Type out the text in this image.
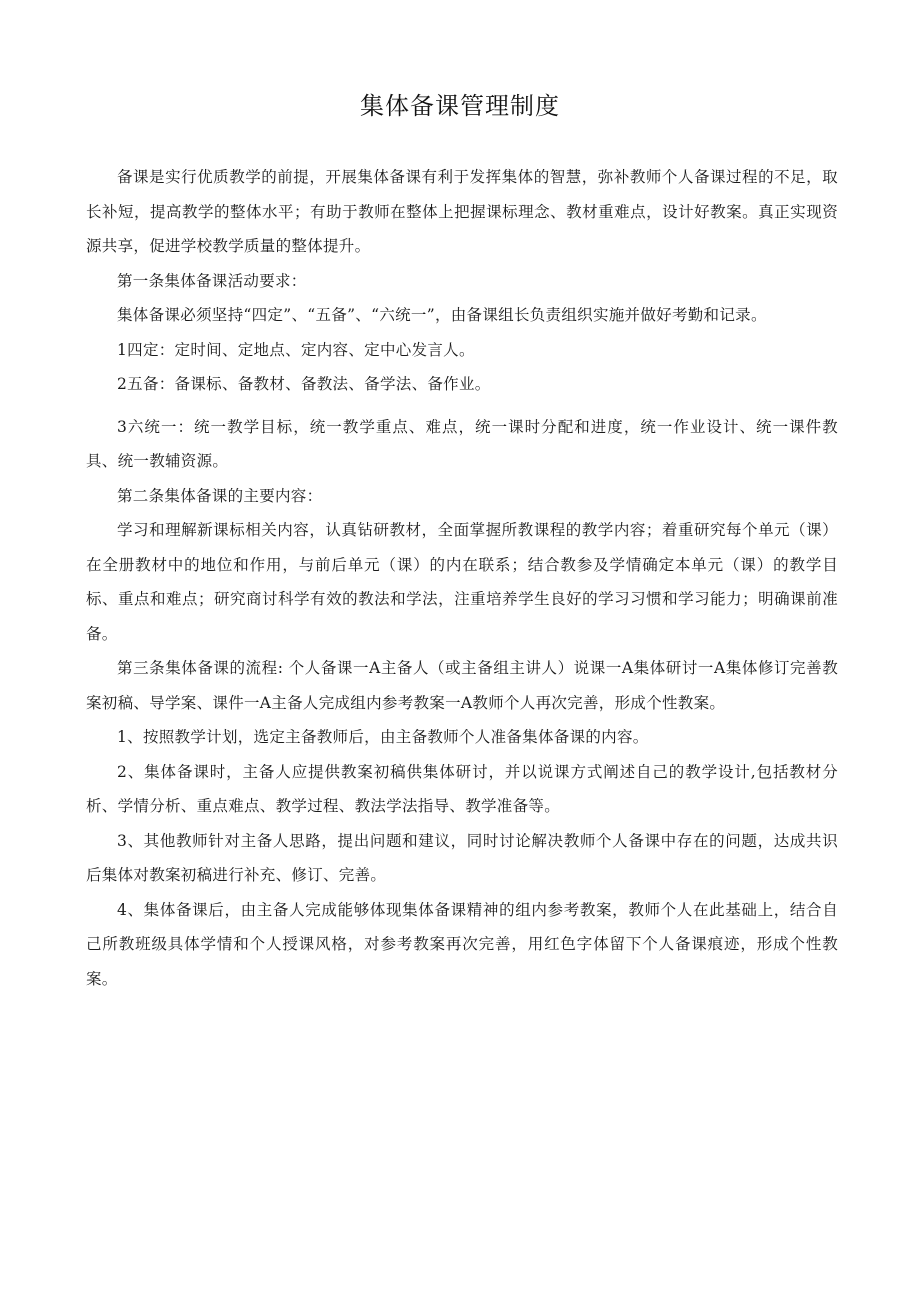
集体备课管理制度

备课是实行优质教学的前提，开展集体备课有利于发挥集体的智慧，弥补教师个人备课过程的不足，取长补短，提高教学的整体水平；有助于教师在整体上把握课标理念、教材重难点，设计好教案。真正实现资源共享，促进学校教学质量的整体提升。

第一条集体备课活动要求：

集体备课必须坚持“四定”、“五备”、“六统一”，由备课组长负责组织实施并做好考勤和记录。

1四定：定时间、定地点、定内容、定中心发言人。

2五备：备课标、备教材、备教法、备学法、备作业。

3六统一：统一教学目标，统一教学重点、难点，统一课时分配和进度，统一作业设计、统一课件教具、统一教辅资源。

第二条集体备课的主要内容：

学习和理解新课标相关内容，认真钻研教材，全面掌握所教课程的教学内容；着重研究每个单元（课）在全册教材中的地位和作用，与前后单元（课）的内在联系；结合教参及学情确定本单元（课）的教学目标、重点和难点；研究商讨科学有效的教法和学法，注重培养学生良好的学习习惯和学习能力；明确课前准备。

第三条集体备课的流程: 个人备课一A主备人（或主备组主讲人）说课一A集体研讨一A集体修订完善教案初稿、导学案、课件一A主备人完成组内参考教案一A教师个人再次完善，形成个性教案。

1、按照教学计划，选定主备教师后，由主备教师个人准备集体备课的内容。

2、集体备课时，主备人应提供教案初稿供集体研讨，并以说课方式阐述自己的教学设计,包括教材分析、学情分析、重点难点、教学过程、教法学法指导、教学准备等。

3、其他教师针对主备人思路，提出问题和建议，同时讨论解决教师个人备课中存在的问题，达成共识后集体对教案初稿进行补充、修订、完善。

4、集体备课后，由主备人完成能够体现集体备课精神的组内参考教案，教师个人在此基础上，结合自己所教班级具体学情和个人授课风格，对参考教案再次完善，用红色字体留下个人备课痕迹，形成个性教案。
